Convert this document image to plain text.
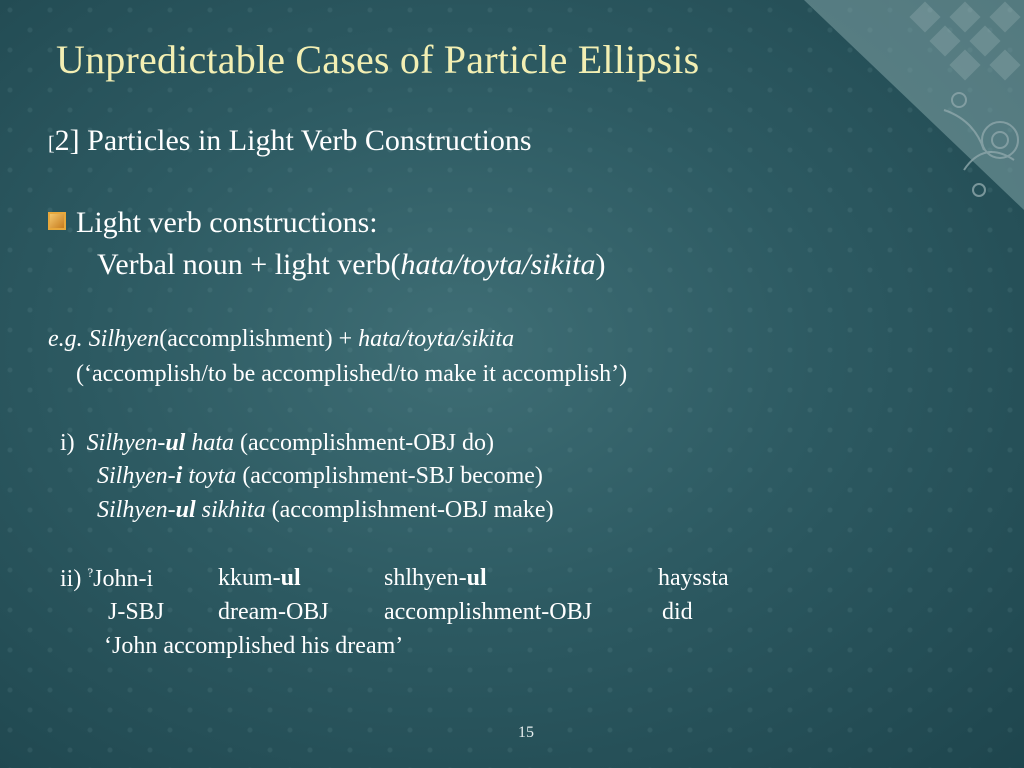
Unpredictable Cases of Particle Ellipsis
[2] Particles in Light Verb Constructions
Light verb constructions:
Verbal noun + light verb(hata/toyta/sikita)
e.g. Silhyen(accomplishment) + hata/toyta/sikita
(‘accomplish/to be accomplished/to make it accomplish’)
i) Silhyen-ul hata (accomplishment-OBJ do)
Silhyen-i toyta (accomplishment-SBJ become)
Silhyen-ul sikhita (accomplishment-OBJ make)
ii) ?John-i	kkum-ul	shlhyen-ul	hayssta
J-SBJ dream-OBJ accomplishment-OBJ	did
‘John accomplished his dream’
15
